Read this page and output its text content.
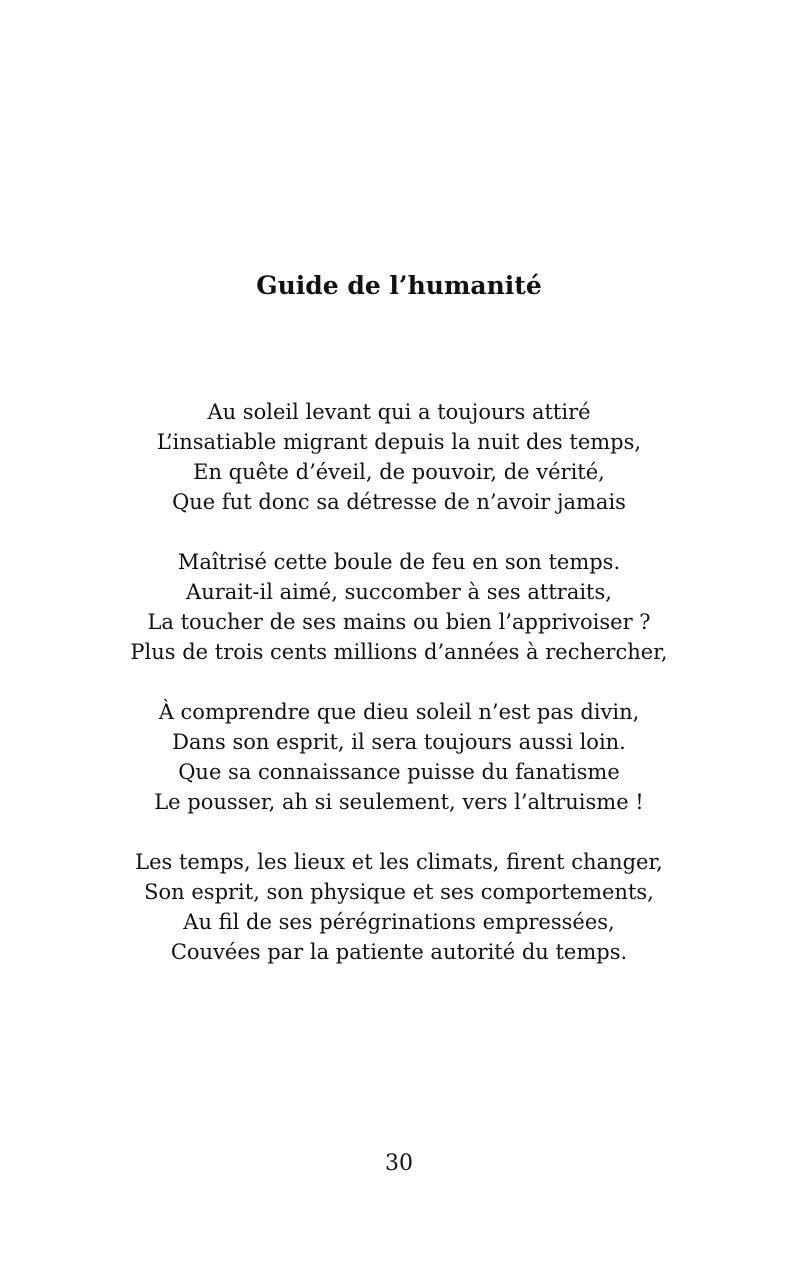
Guide de l’humanité
Au soleil levant qui a toujours attiré
L’insatiable migrant depuis la nuit des temps,
En quête d’éveil, de pouvoir, de vérité,
Que fut donc sa détresse de n’avoir jamais
Maîtrisé cette boule de feu en son temps.
Aurait-il aimé, succomber à ses attraits,
La toucher de ses mains ou bien l’apprivoiser ?
Plus de trois cents millions d’années à rechercher,
À comprendre que dieu soleil n’est pas divin,
Dans son esprit, il sera toujours aussi loin.
Que sa connaissance puisse du fanatisme
Le pousser, ah si seulement, vers l’altruisme !
Les temps, les lieux et les climats, firent changer,
Son esprit, son physique et ses comportements,
Au fil de ses pérégrinations empressées,
Couvées par la patiente autorité du temps.
30
